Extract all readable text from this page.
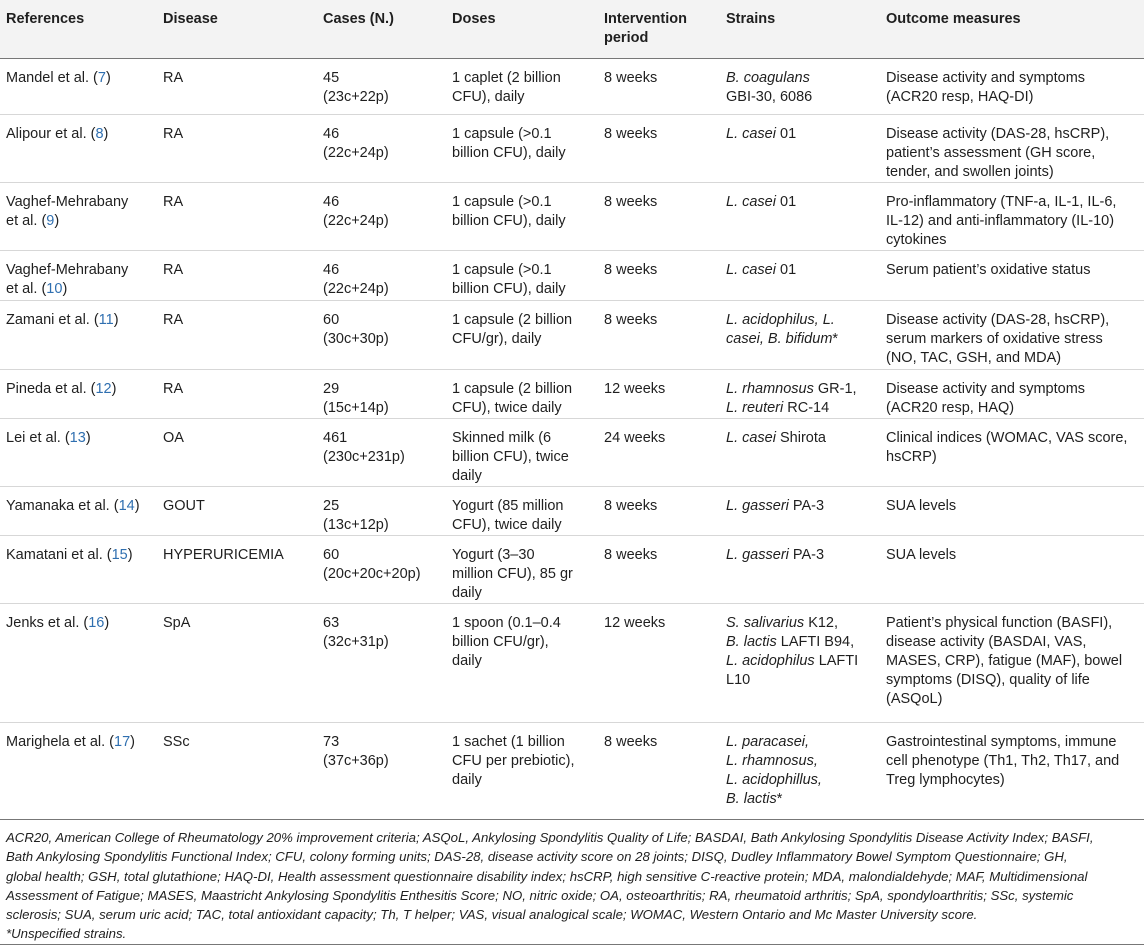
References	Disease	Cases (N.)	Doses	Intervention period	Strains	Outcome measures

Mandel et al. (7)	RA	45
(23c+22p)	1 caplet (2 billion
CFU), daily	8 weeks	B. coagulans
GBI-30, 6086	Disease activity and symptoms
(ACR20 resp, HAQ-DI)

Alipour et al. (8)	RA	46
(22c+24p)	1 capsule (>0.1
billion CFU), daily	8 weeks	L. casei 01	Disease activity (DAS-28, hsCRP),
patient’s assessment (GH score,
tender, and swollen joints)

Vaghef-Mehrabany
et al. (9)	RA	46
(22c+24p)	1 capsule (>0.1
billion CFU), daily	8 weeks	L. casei 01	Pro-inflammatory (TNF-a, IL-1, IL-6,
IL-12) and anti-inflammatory (IL-10)
cytokines

Vaghef-Mehrabany
et al. (10)	RA	46
(22c+24p)	1 capsule (>0.1
billion CFU), daily	8 weeks	L. casei 01	Serum patient’s oxidative status

Zamani et al. (11)	RA	60
(30c+30p)	1 capsule (2 billion
CFU/gr), daily	8 weeks	L. acidophilus, L.
casei, B. bifidum*	Disease activity (DAS-28, hsCRP),
serum markers of oxidative stress
(NO, TAC, GSH, and MDA)

Pineda et al. (12)	RA	29
(15c+14p)	1 capsule (2 billion
CFU), twice daily	12 weeks	L. rhamnosus GR-1,
L. reuteri RC-14	Disease activity and symptoms
(ACR20 resp, HAQ)

Lei et al. (13)	OA	461
(230c+231p)	Skinned milk (6
billion CFU), twice
daily	24 weeks	L. casei Shirota	Clinical indices (WOMAC, VAS score,
hsCRP)

Yamanaka et al. (14)	GOUT	25
(13c+12p)	Yogurt (85 million
CFU), twice daily	8 weeks	L. gasseri PA-3	SUA levels

Kamatani et al. (15)	HYPERURICEMIA	60
(20c+20c+20p)	Yogurt (3–30
million CFU), 85 gr
daily	8 weeks	L. gasseri PA-3	SUA levels

Jenks et al. (16)	SpA	63
(32c+31p)	1 spoon (0.1–0.4
billion CFU/gr),
daily	12 weeks	S. salivarius K12,
B. lactis LAFTI B94,
L. acidophilus LAFTI
L10	Patient’s physical function (BASFI),
disease activity (BASDAI, VAS,
MASES, CRP), fatigue (MAF), bowel
symptoms (DISQ), quality of life
(ASQoL)

Marighela et al. (17)	SSc	73
(37c+36p)	1 sachet (1 billion
CFU per prebiotic),
daily	8 weeks	L. paracasei,
L. rhamnosus,
L. acidophillus,
B. lactis*	Gastrointestinal symptoms, immune
cell phenotype (Th1, Th2, Th17, and
Treg lymphocytes)
ACR20, American College of Rheumatology 20% improvement criteria; ASQoL, Ankylosing Spondylitis Quality of Life; BASDAI, Bath Ankylosing Spondylitis Disease Activity Index; BASFI,
Bath Ankylosing Spondylitis Functional Index; CFU, colony forming units; DAS-28, disease activity score on 28 joints; DISQ, Dudley Inflammatory Bowel Symptom Questionnaire; GH,
global health; GSH, total glutathione; HAQ-DI, Health assessment questionnaire disability index; hsCRP, high sensitive C-reactive protein; MDA, malondialdehyde; MAF, Multidimensional
Assessment of Fatigue; MASES, Maastricht Ankylosing Spondylitis Enthesitis Score; NO, nitric oxide; OA, osteoarthritis; RA, rheumatoid arthritis; SpA, spondyloarthritis; SSc, systemic
sclerosis; SUA, serum uric acid; TAC, total antioxidant capacity; Th, T helper; VAS, visual analogical scale; WOMAC, Western Ontario and Mc Master University score.
*Unspecified strains.
